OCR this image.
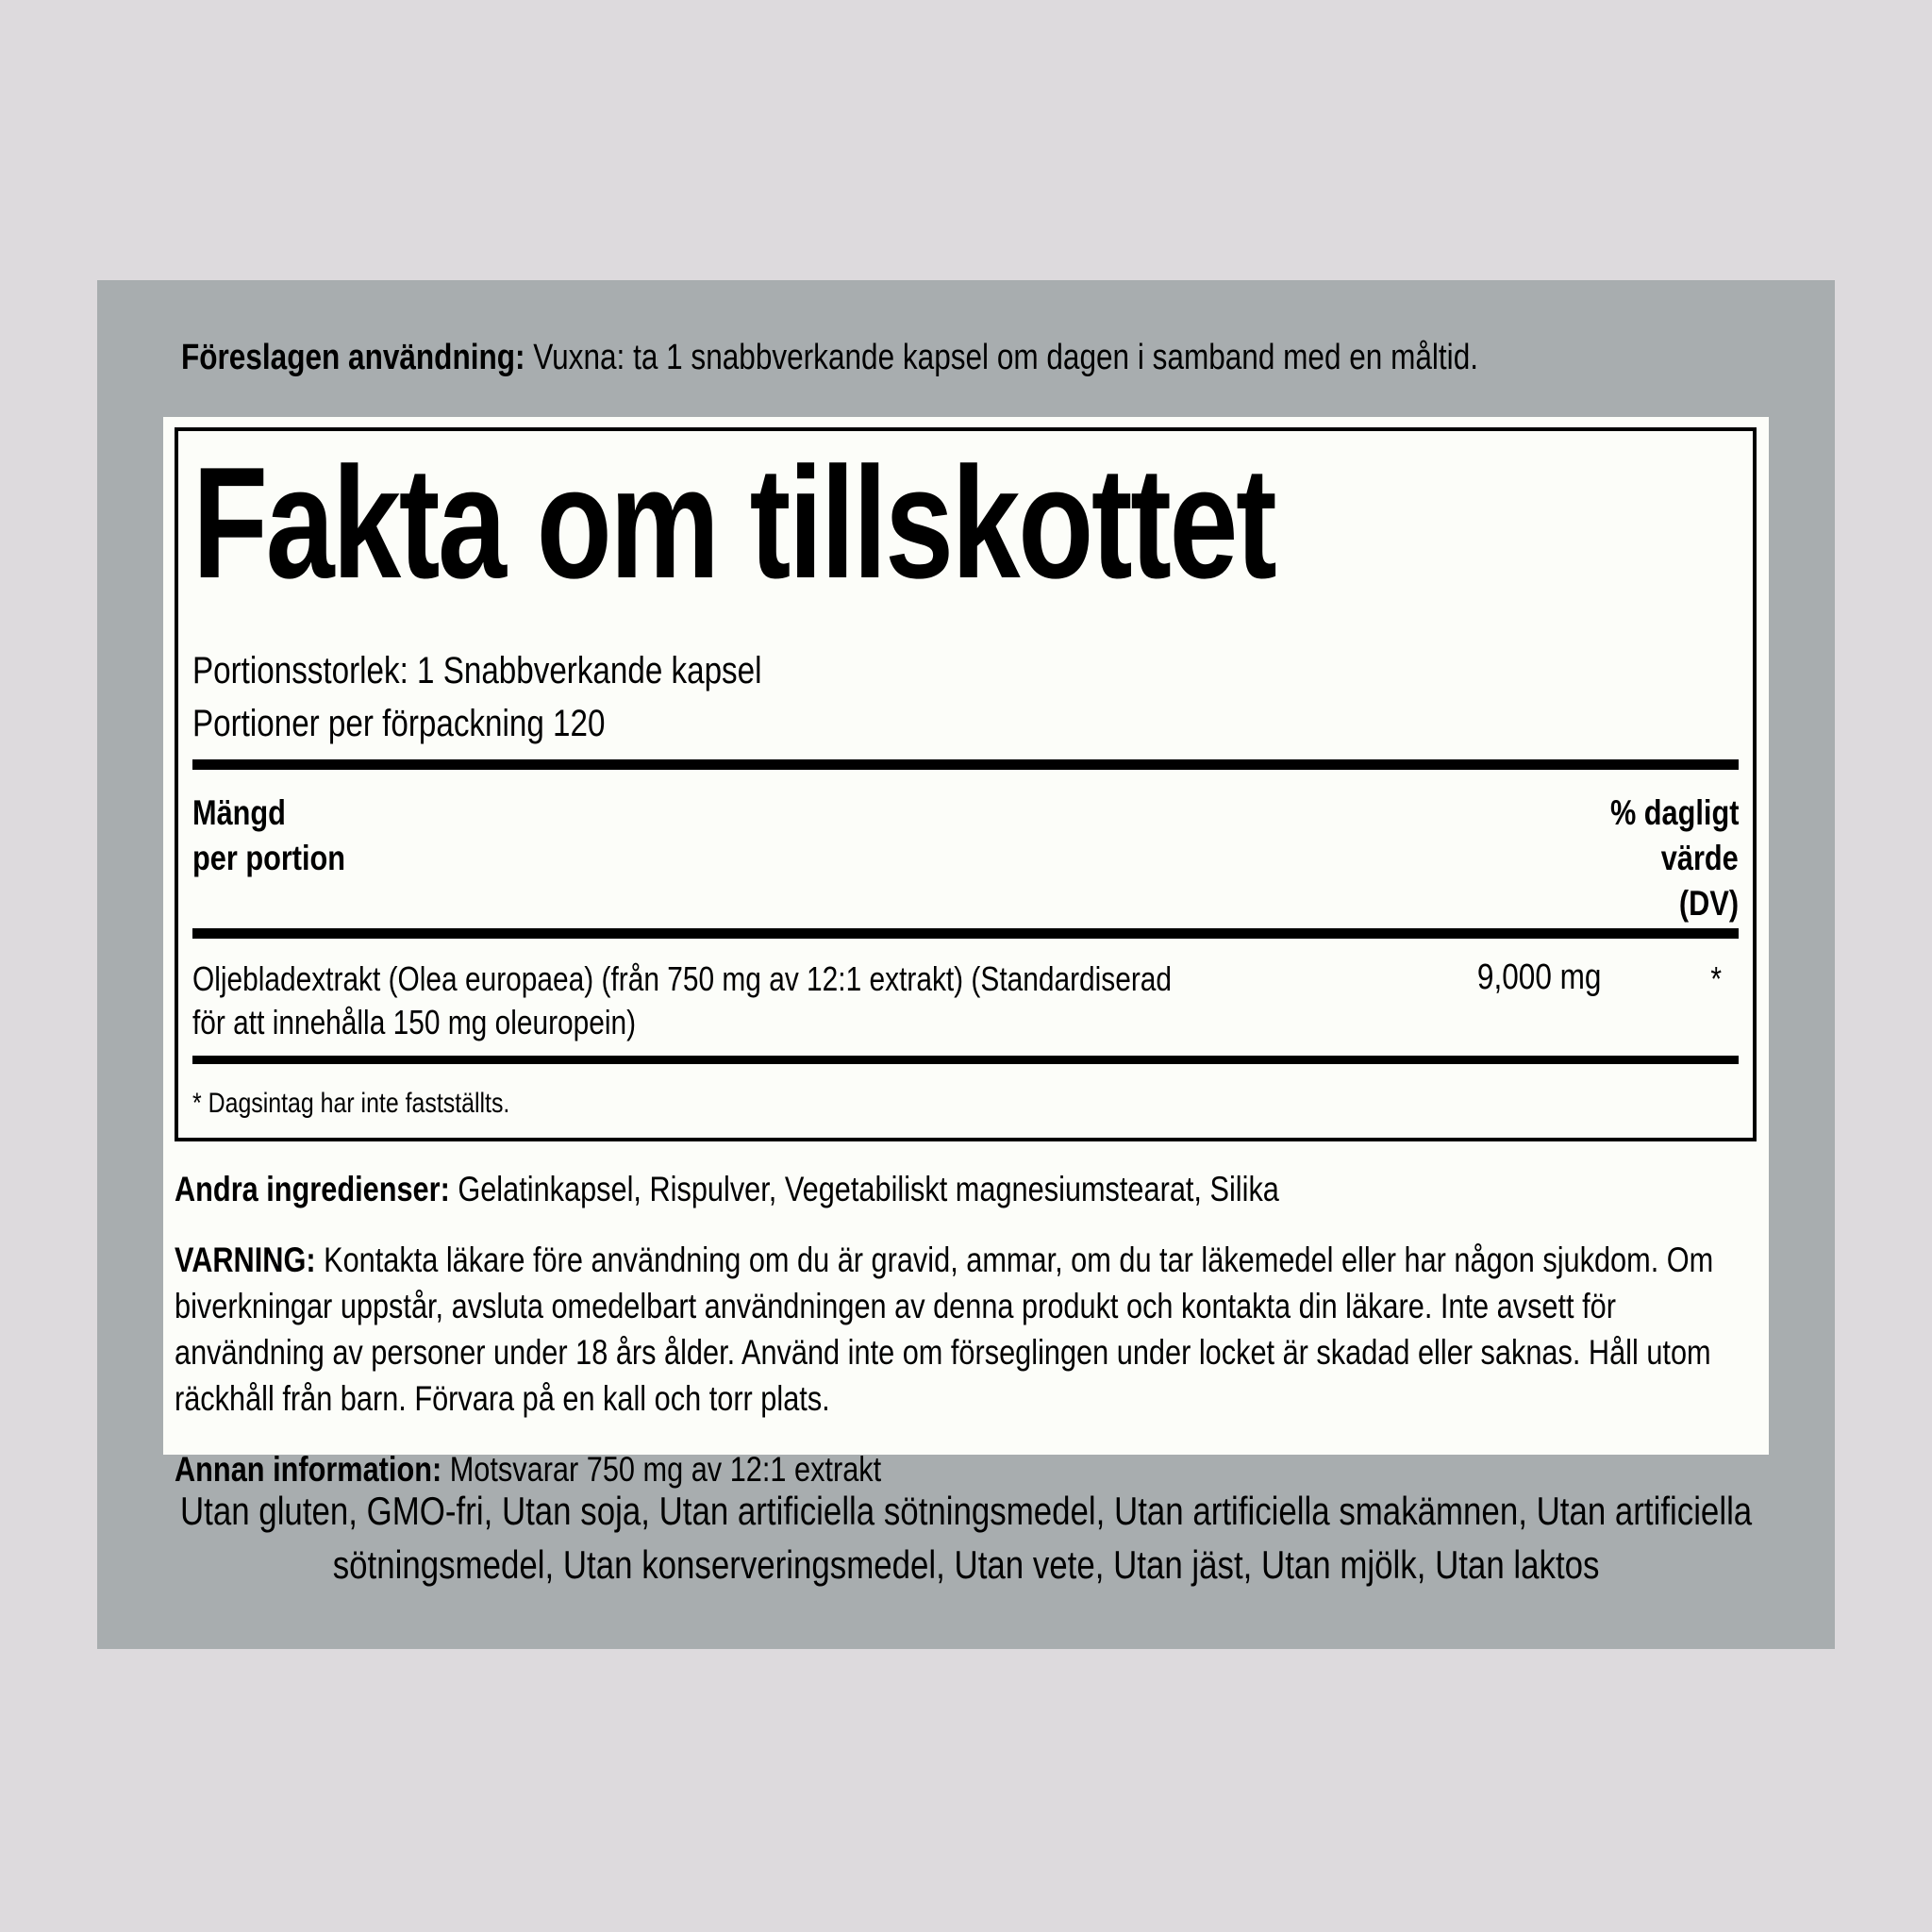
Föreslagen användning: Vuxna: ta 1 snabbverkande kapsel om dagen i samband med en måltid.
Fakta om tillskottet
Portionsstorlek: 1 Snabbverkande kapsel
Portioner per förpackning 120
Mängd
per portion
% dagligt
värde
(DV)
Oljebladextrakt (Olea europaea) (från 750 mg av 12:1 extrakt) (Standardiserad för att innehålla 150 mg oleuropein)
9,000 mg	*
* Dagsintag har inte fastställts.
Andra ingredienser: Gelatinkapsel, Rispulver, Vegetabiliskt magnesiumstearat, Silika
VARNING: Kontakta läkare före användning om du är gravid, ammar, om du tar läkemedel eller har någon sjukdom. Om biverkningar uppstår, avsluta omedelbart användningen av denna produkt och kontakta din läkare. Inte avsett för användning av personer under 18 års ålder. Använd inte om förseglingen under locket är skadad eller saknas. Håll utom räckhåll från barn. Förvara på en kall och torr plats.
Annan information: Motsvarar 750 mg av 12:1 extrakt
Utan gluten, GMO-fri, Utan soja, Utan artificiella sötningsmedel, Utan artificiella smakämnen, Utan artificiella sötningsmedel, Utan konserveringsmedel, Utan vete, Utan jäst, Utan mjölk, Utan laktos
